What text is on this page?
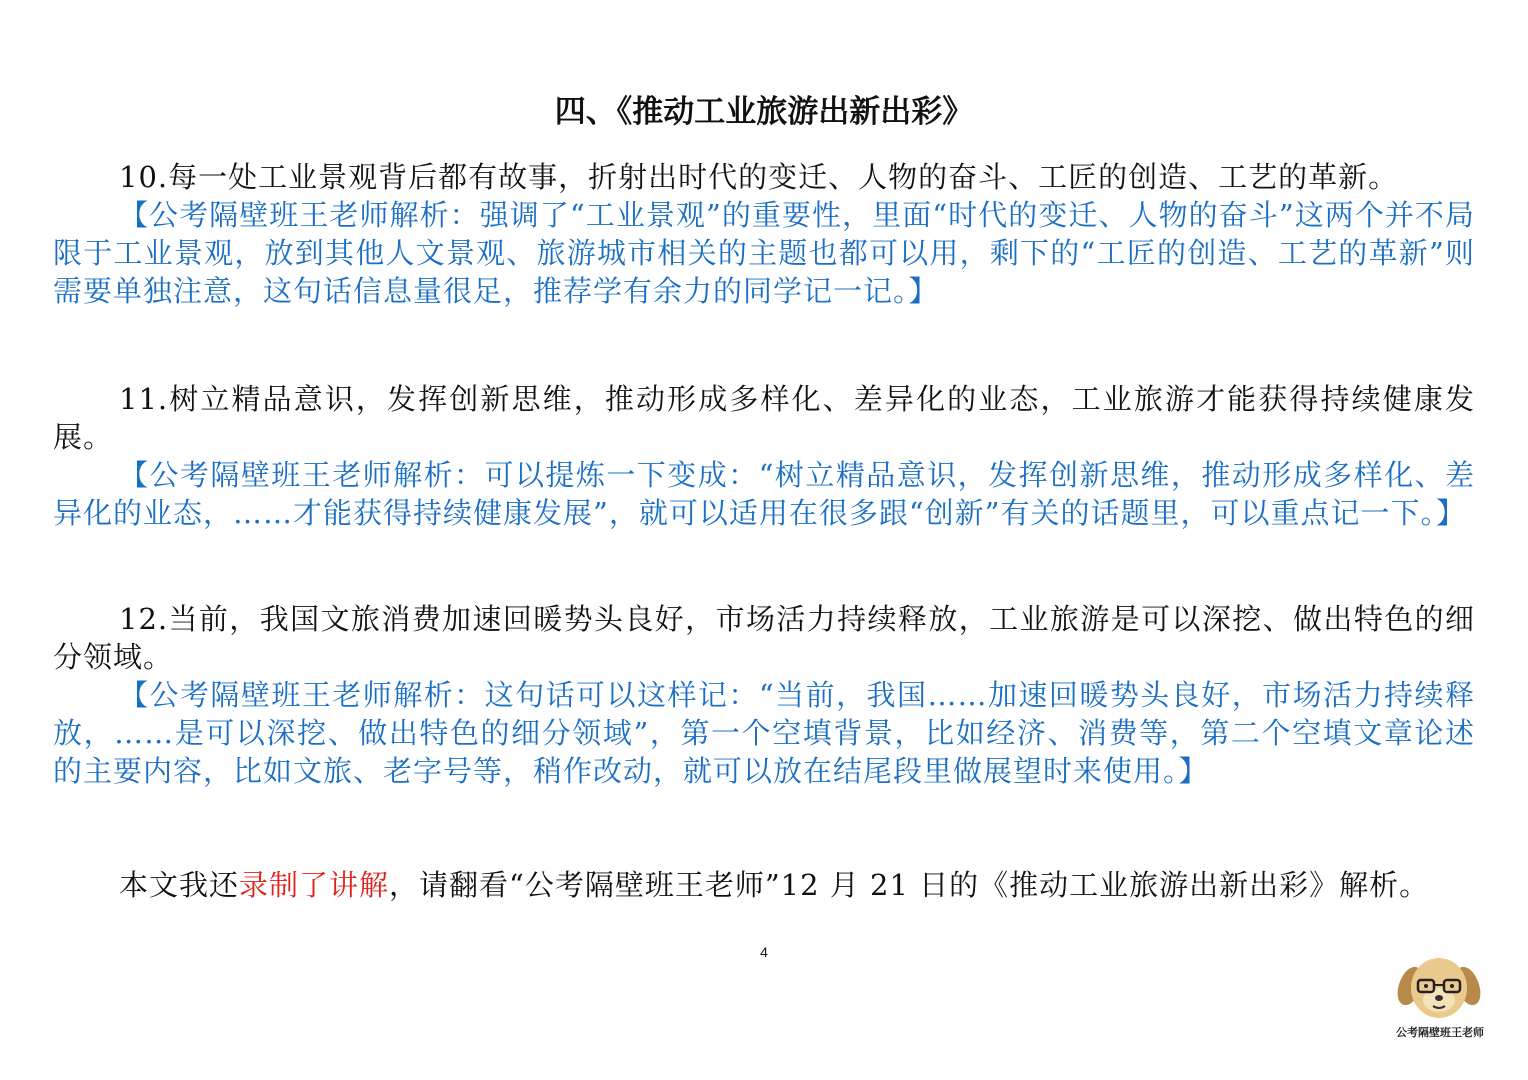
四、《推动工业旅游出新出彩》

10.每一处工业景观背后都有故事，折射出时代的变迁、人物的奋斗、工匠的创造、工艺的革新。

【公考隔壁班王老师解析：强调了“工业景观”的重要性，里面“时代的变迁、人物的奋斗”这两个并不局限于工业景观，放到其他人文景观、旅游城市相关的主题也都可以用，剩下的“工匠的创造、工艺的革新”则需要单独注意，这句话信息量很足，推荐学有余力的同学记一记。】

11.树立精品意识，发挥创新思维，推动形成多样化、差异化的业态，工业旅游才能获得持续健康发展。

【公考隔壁班王老师解析：可以提炼一下变成：“树立精品意识，发挥创新思维，推动形成多样化、差异化的业态，……才能获得持续健康发展”，就可以适用在很多跟“创新”有关的话题里，可以重点记一下。】

12.当前，我国文旅消费加速回暖势头良好，市场活力持续释放，工业旅游是可以深挖、做出特色的细分领域。

【公考隔壁班王老师解析：这句话可以这样记：“当前，我国……加速回暖势头良好，市场活力持续释放，……是可以深挖、做出特色的细分领域”，第一个空填背景，比如经济、消费等，第二个空填文章论述的主要内容，比如文旅、老字号等，稍作改动，就可以放在结尾段里做展望时来使用。】

本文我还录制了讲解，请翻看“公考隔壁班王老师”12 月 21 日的《推动工业旅游出新出彩》解析。

4
公考隔壁班王老师
